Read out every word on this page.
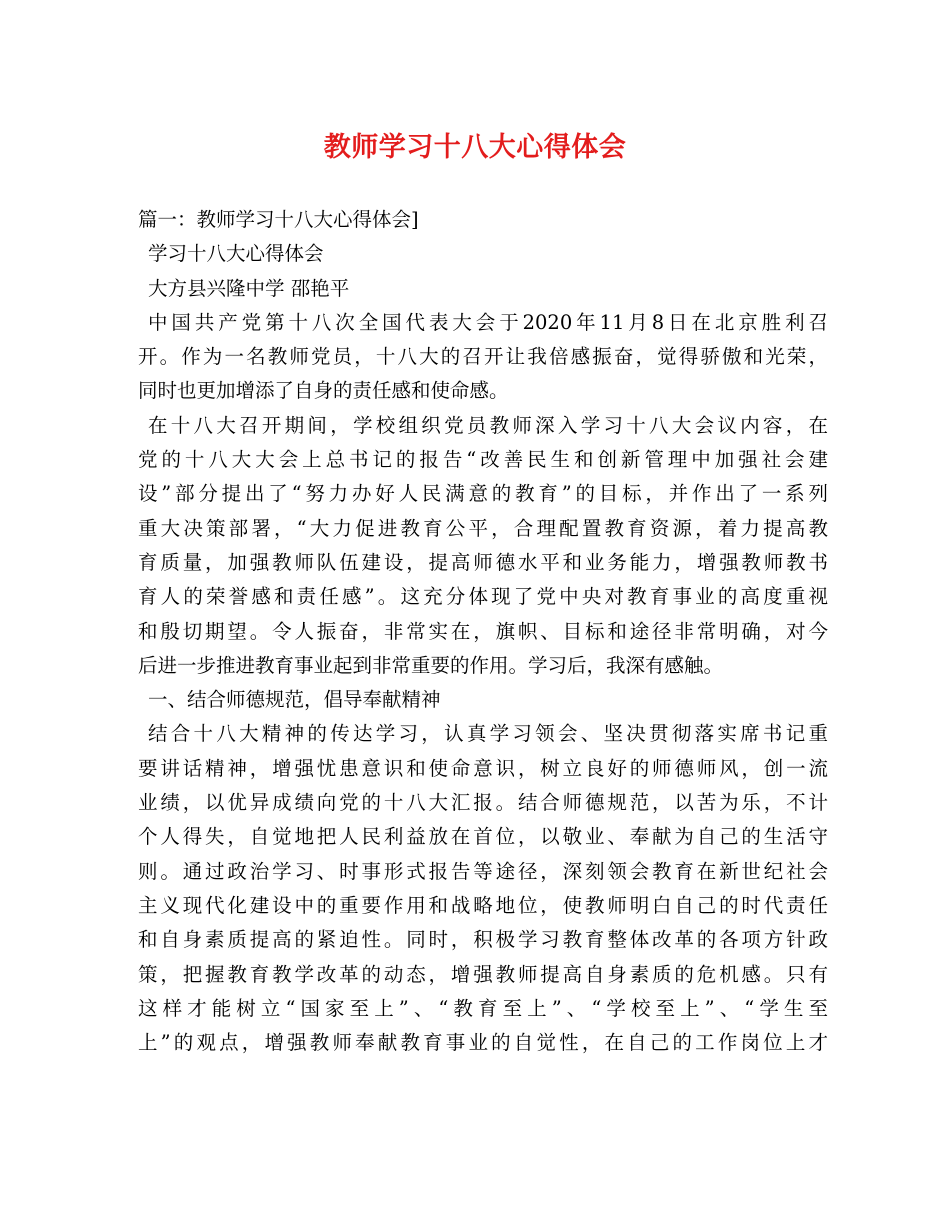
教师学习十八大心得体会
篇一：教师学习十八大心得体会]
学习十八大心得体会
大方县兴隆中学 邵艳平
中国共产党第十八次全国代表大会于2020年11月8日在北京胜利召
开。作为一名教师党员，十八大的召开让我倍感振奋，觉得骄傲和光荣，
同时也更加增添了自身的责任感和使命感。
在十八大召开期间，学校组织党员教师深入学习十八大会议内容，在
党的十八大大会上总书记的报告“改善民生和创新管理中加强社会建
设”部分提出了“努力办好人民满意的教育”的目标，并作出了一系列
重大决策部署，“大力促进教育公平，合理配置教育资源，着力提高教
育质量，加强教师队伍建设，提高师德水平和业务能力，增强教师教书
育人的荣誉感和责任感”。这充分体现了党中央对教育事业的高度重视
和殷切期望。令人振奋，非常实在，旗帜、目标和途径非常明确，对今
后进一步推进教育事业起到非常重要的作用。学习后，我深有感触。
一、结合师德规范，倡导奉献精神
结合十八大精神的传达学习，认真学习领会、坚决贯彻落实席书记重
要讲话精神，增强忧患意识和使命意识，树立良好的师德师风，创一流
业绩，以优异成绩向党的十八大汇报。结合师德规范，以苦为乐，不计
个人得失，自觉地把人民利益放在首位，以敬业、奉献为自己的生活守
则。通过政治学习、时事形式报告等途径，深刻领会教育在新世纪社会
主义现代化建设中的重要作用和战略地位，使教师明白自己的时代责任
和自身素质提高的紧迫性。同时，积极学习教育整体改革的各项方针政
策，把握教育教学改革的动态，增强教师提高自身素质的危机感。只有
这样才能树立“国家至上”、“教育至上”、“学校至上”、“学生至
上”的观点，增强教师奉献教育事业的自觉性，在自己的工作岗位上才
